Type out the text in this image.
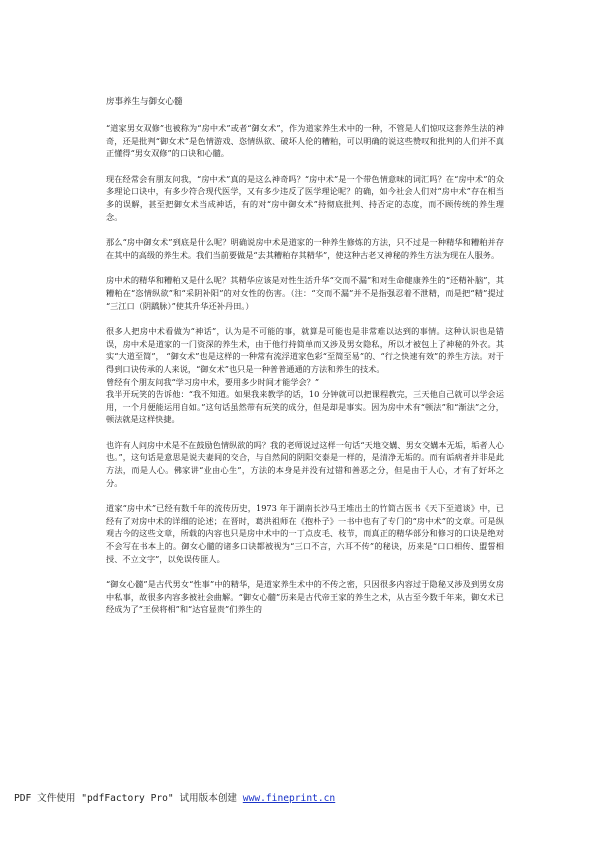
房事养生与御女心髓

“道家男女双修”也被称为“房中术”或者“御女术”，作为道家养生术中的一种，不管是人们惊叹这套养生法的神奇，还是批判“御女术”是色情游戏、恣情纵欲、破坏人伦的糟粕，可以明确的说这些赞叹和批判的人们并不真正懂得“男女双修”的口诀和心髓。

现在经常会有朋友问我，“房中术”真的是这么神奇吗？“房中术”是一个带色情意味的词汇吗？在“房中术”的众多理论口诀中，有多少符合现代医学，又有多少违反了医学理论呢？的确，如今社会人们对“房中术”存在相当多的误解，甚至把御女术当成神话，有的对“房中御女术”持彻底批判、持否定的态度，而不顾传统的养生理念。

那么“房中御女术”到底是什么呢？明确说房中术是道家的一种养生修炼的方法，只不过是一种精华和糟粕并存在其中的高级的养生术。我们当前要做是“去其糟粕存其精华”，使这种古老又神秘的养生方法为现在人服务。

房中术的精华和糟粕又是什么呢？其精华应该是对性生活升华“交而不漏”和对生命健康养生的“还精补脑”，其糟粕在“恣情纵欲”和“采阴补阳”的对女性的伤害。（注：“交而不漏”并不是指强忍着不泄精，而是把“精”提过 “三江口（阴蹻脉）”使其升华还补丹田。）

很多人把房中术看做为“神话”，认为是不可能的事，就算是可能也是非常难以达到的事情。这种认识也是错误，房中术是道家的一门资深的养生术，由于他行持简单而又涉及男女隐私，所以才被包上了神秘的外衣。其实“大道至简”， “御女术”也是这样的一种常有流浮道家色彩“至简至易”的、“行之快速有效”的养生方法。对于得到口诀传承的人来说，“御女术”也只是一种普普通通的方法和养生的技术。

曾经有个朋友问我“学习房中术，要用多少时间才能学会？”

我半开玩笑的告诉他：“我不知道。如果我来教学的话，10 分钟就可以把课程教完，三天他自己就可以学会运用，一个月便能运用自如。”这句话虽然带有玩笑的成分，但是却是事实。因为房中术有“顿法”和“渐法”之分，顿法就是这样快捷。

也许有人问房中术是不在鼓励色情纵欲的吗？我的老师说过这样一句话“天地交媾、男女交媾本无垢，垢者人心也。”，这句话是意思是说夫妻间的交合，与自然间的阴阳交泰是一样的，是清净无垢的。而有诟病者并非是此方法，而是人心。佛家讲“业由心生”，方法的本身是并没有过错和善恶之分，但是由于人心，才有了好坏之分。

道家“房中术”已经有数千年的流传历史，1973 年于湖南长沙马王堆出土的竹简古医书《天下至道谈》中，已经有了对房中术的详细的论述；在晋时，葛洪祖师在《抱朴子》一书中也有了专门的“房中术”的文章。可是纵观古今的这些文章，所载的内容也只是房中术中的一丁点皮毛、枝节，而真正的精华部分和修习的口诀是绝对不会写在书本上的。御女心髓的诸多口诀都被视为“三口不言，六耳不传”的秘诀，历来是“口口相传、盟誓相授、不立文字”，以免误传匪人。

“御女心髓”是古代男女“性事”中的精华，是道家养生术中的不传之密，只因很多内容过于隐秘又涉及到男女房中私事，故很多内容多被社会曲解。“御女心髓”历来是古代帝王家的养生之术，从古至今数千年来，御女术已经成为了“王侯将相”和“达官显贵”们养生的

PDF 文件使用 "pdfFactory Pro" 试用版本创建 www.fineprint.cn
